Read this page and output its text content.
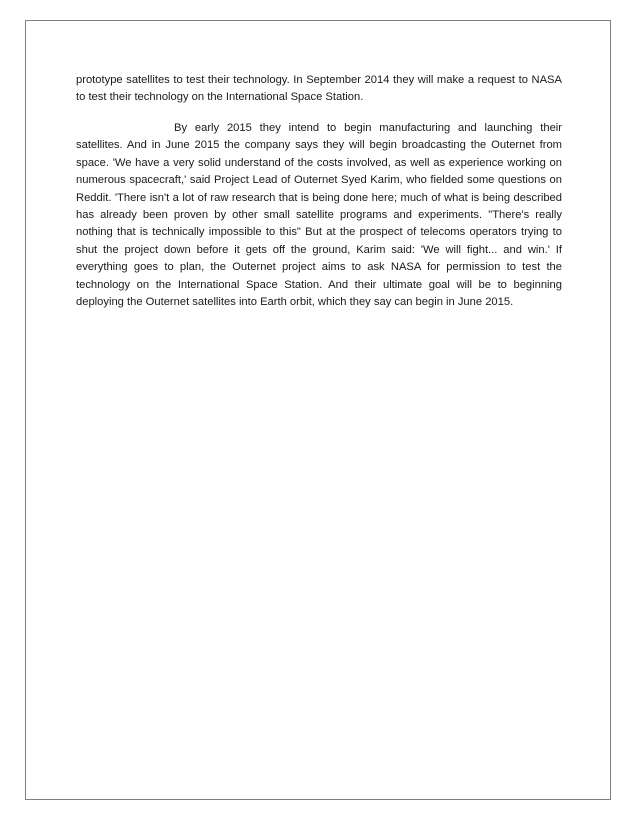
prototype satellites to test their technology. In September 2014 they will make a request to NASA to test their technology on the International Space Station.

By early 2015 they intend to begin manufacturing and launching their satellites. And in June 2015 the company says they will begin broadcasting the Outernet from space. 'We have a very solid understand of the costs involved, as well as experience working on numerous spacecraft,' said Project Lead of Outernet Syed Karim, who fielded some questions on Reddit. 'There isn't a lot of raw research that is being done here; much of what is being described has already been proven by other small satellite programs and experiments. "There's really nothing that is technically impossible to this" But at the prospect of telecoms operators trying to shut the project down before it gets off the ground, Karim said: 'We will fight... and win.' If everything goes to plan, the Outernet project aims to ask NASA for permission to test the technology on the International Space Station. And their ultimate goal will be to beginning deploying the Outernet satellites into Earth orbit, which they say can begin in June 2015.
